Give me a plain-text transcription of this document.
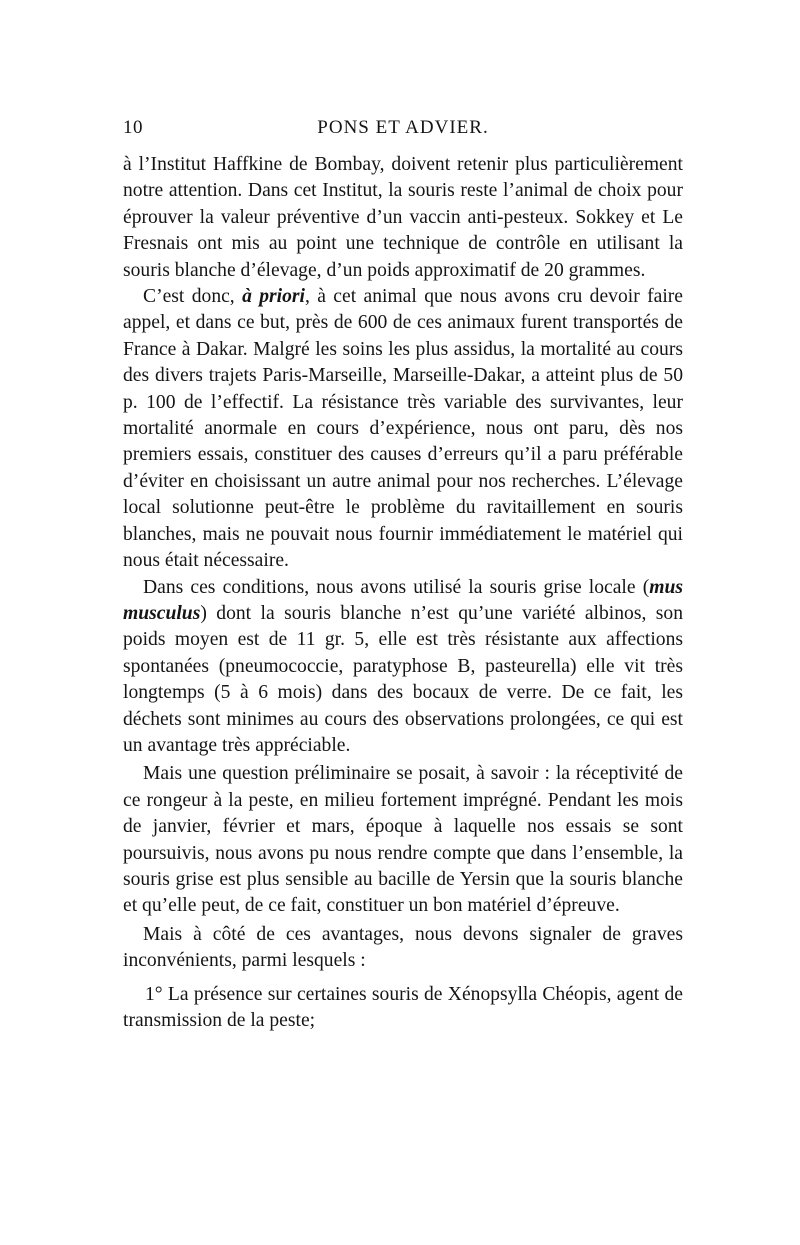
10	PONS ET ADVIER.

à l’Institut Haffkine de Bombay, doivent retenir plus particulièrement notre attention. Dans cet Institut, la souris reste l’animal de choix pour éprouver la valeur préventive d’un vaccin anti-pesteux. Sokkey et Le Fresnais ont mis au point une technique de contrôle en utilisant la souris blanche d’élevage, d’un poids approximatif de 20 grammes.

C’est donc, à priori, à cet animal que nous avons cru devoir faire appel, et dans ce but, près de 600 de ces animaux furent transportés de France à Dakar. Malgré les soins les plus assidus, la mortalité au cours des divers trajets Paris-Marseille, Marseille-Dakar, a atteint plus de 50 p. 100 de l’effectif. La résistance très variable des survivantes, leur mortalité anormale en cours d’expérience, nous ont paru, dès nos premiers essais, constituer des causes d’erreurs qu’il a paru préférable d’éviter en choisissant un autre animal pour nos recherches. L’élevage local solutionne peut-être le problème du ravitaillement en souris blanches, mais ne pouvait nous fournir immédiatement le matériel qui nous était nécessaire.

Dans ces conditions, nous avons utilisé la souris grise locale (mus musculus) dont la souris blanche n’est qu’une variété albinos, son poids moyen est de 11 gr. 5, elle est très résistante aux affections spontanées (pneumococcie, paratyphose B, pasteurella) elle vit très longtemps (5 à 6 mois) dans des bocaux de verre. De ce fait, les déchets sont minimes au cours des observations prolongées, ce qui est un avantage très appréciable.

Mais une question préliminaire se posait, à savoir : la réceptivité de ce rongeur à la peste, en milieu fortement imprégné. Pendant les mois de janvier, février et mars, époque à laquelle nos essais se sont poursuivis, nous avons pu nous rendre compte que dans l’ensemble, la souris grise est plus sensible au bacille de Yersin que la souris blanche et qu’elle peut, de ce fait, constituer un bon matériel d’épreuve.

Mais à côté de ces avantages, nous devons signaler de graves inconvénients, parmi lesquels :

1° La présence sur certaines souris de Xénopsylla Chéopis, agent de transmission de la peste;
